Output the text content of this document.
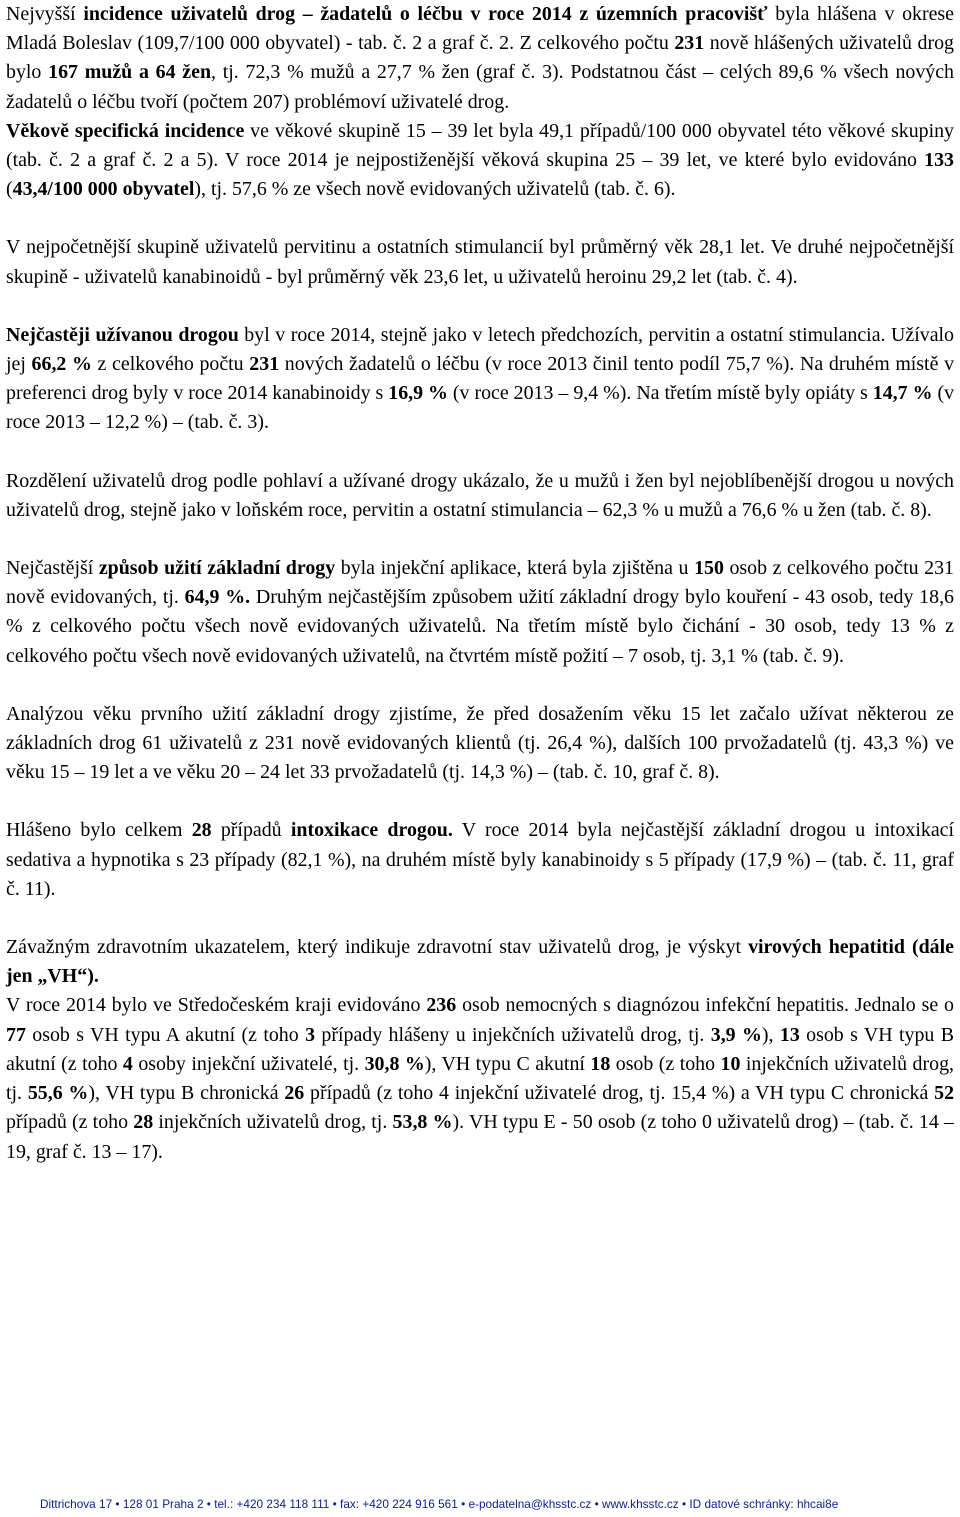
Nejvyšší incidence uživatelů drog – žadatelů o léčbu v roce 2014 z územních pracovišť byla hlášena v okrese Mladá Boleslav (109,7/100 000 obyvatel) - tab. č. 2 a graf č. 2. Z celkového počtu 231 nově hlášených uživatelů drog bylo 167 mužů a 64 žen, tj. 72,3 % mužů a 27,7 % žen (graf č. 3). Podstatnou část – celých 89,6 % všech nových žadatelů o léčbu tvoří (počtem 207) problémoví uživatelé drog.

Věkově specifická incidence ve věkové skupině 15 – 39 let byla 49,1 případů/100 000 obyvatel této věkové skupiny (tab. č. 2 a graf č. 2 a 5). V roce 2014 je nejpostiženější věková skupina 25 – 39 let, ve které bylo evidováno 133 (43,4/100 000 obyvatel), tj. 57,6 % ze všech nově evidovaných uživatelů (tab. č. 6).

V nejpočetnější skupině uživatelů pervitinu a ostatních stimulancií byl průměrný věk 28,1 let. Ve druhé nejpočetnější skupině - uživatelů kanabinoidů - byl průměrný věk 23,6 let, u uživatelů heroinu 29,2 let (tab. č. 4).

Nejčastěji užívanou drogou byl v roce 2014, stejně jako v letech předchozích, pervitin a ostatní stimulancia. Užívalo jej 66,2 % z celkového počtu 231 nových žadatelů o léčbu (v roce 2013 činil tento podíl 75,7 %). Na druhém místě v preferenci drog byly v roce 2014 kanabinoidy s 16,9 % (v roce 2013 – 9,4 %). Na třetím místě byly opiáty s 14,7 % (v roce 2013 – 12,2 %) – (tab. č. 3).

Rozdělení uživatelů drog podle pohlaví a užívané drogy ukázalo, že u mužů i žen byl nejoblíbenější drogou u nových uživatelů drog, stejně jako v loňském roce, pervitin a ostatní stimulancia – 62,3 % u mužů a 76,6 % u žen (tab. č. 8).

Nejčastější způsob užití základní drogy byla injekční aplikace, která byla zjištěna u 150 osob z celkového počtu 231 nově evidovaných, tj. 64,9 %. Druhým nejčastějším způsobem užití základní drogy bylo kouření - 43 osob, tedy 18,6 % z celkového počtu všech nově evidovaných uživatelů. Na třetím místě bylo čichání - 30 osob, tedy 13 % z celkového počtu všech nově evidovaných uživatelů, na čtvrtém místě požití – 7 osob, tj. 3,1 % (tab. č. 9).

Analýzou věku prvního užití základní drogy zjistíme, že před dosažením věku 15 let začalo užívat některou ze základních drog 61 uživatelů z 231 nově evidovaných klientů (tj. 26,4 %), dalších 100 prvožadatelů (tj. 43,3 %) ve věku 15 – 19 let a ve věku 20 – 24 let 33 prvožadatelů (tj. 14,3 %) – (tab. č. 10, graf č. 8).

Hlášeno bylo celkem 28 případů intoxikace drogou. V roce 2014 byla nejčastější základní drogou u intoxikací sedativa a hypnotika s 23 případy (82,1 %), na druhém místě byly kanabinoidy s 5 případy (17,9 %) – (tab. č. 11, graf č. 11).

Závažným zdravotním ukazatelem, který indikuje zdravotní stav uživatelů drog, je výskyt virových hepatitid (dále jen „VH“).

V roce 2014 bylo ve Středočeském kraji evidováno 236 osob nemocných s diagnózou infekční hepatitis. Jednalo se o 77 osob s VH typu A akutní (z toho 3 případy hlášeny u injekčních uživatelů drog, tj. 3,9 %), 13 osob s VH typu B akutní (z toho 4 osoby injekční uživatelé, tj. 30,8 %), VH typu C akutní 18 osob (z toho 10 injekčních uživatelů drog, tj. 55,6 %), VH typu B chronická 26 případů (z toho 4 injekční uživatelé drog, tj. 15,4 %) a VH typu C chronická 52 případů (z toho 28 injekčních uživatelů drog, tj. 53,8 %). VH typu E - 50 osob (z toho 0 uživatelů drog) – (tab. č. 14 – 19, graf č. 13 – 17).

Dittrichova 17 • 128 01 Praha 2 • tel.: +420 234 118 111 • fax: +420 224 916 561 • e-podatelna@khsstc.cz • www.khsstc.cz • ID datové schránky: hhcai8e
